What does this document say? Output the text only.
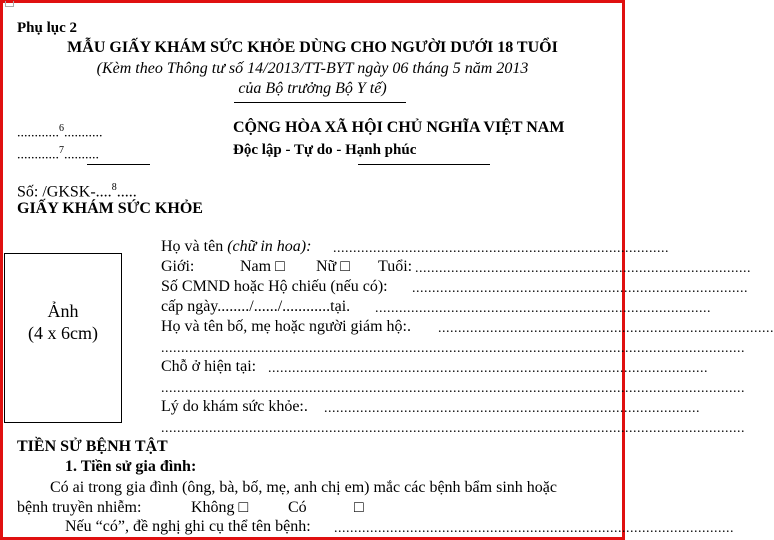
Phụ lục 2
MẪU GIẤY KHÁM SỨC KHỎE DÙNG CHO NGƯỜI DƯỚI 18 TUỔI
(Kèm theo Thông tư số 14/2013/TT-BYT ngày 06 tháng 5 năm 2013
của Bộ trưởng Bộ Y tế)
............$^6$...........
............$^7$..........
CỘNG HÒA XÃ HỘI CHỦ NGHĨA VIỆT NAM
Độc lập - Tự do - Hạnh phúc
Số: /GKSK-....$^8$.....
GIẤY KHÁM SỨC KHỎE
Ảnh
(4 x 6cm)
Họ và tên (chữ in hoa): ....................................................................................
Giới:	Nam □ Nữ □ Tuổi: ....................................................................................
Số CMND hoặc Hộ chiếu (nếu có): ....................................................................................
cấp ngày......../....../............tại. ....................................................................................
Họ và tên bố, mẹ hoặc người giám hộ:. ....................................................................................
..................................................................................................................................................
Chỗ ở hiện tại: ..............................................................................................................
..................................................................................................................................................
Lý do khám sức khỏe:. ..............................................................................................
..................................................................................................................................................
TIỀN SỬ BỆNH TẬT
1. Tiền sử gia đình:
Có ai trong gia đình (ông, bà, bố, mẹ, anh chị em) mắc các bệnh bẩm sinh hoặc
bệnh truyền nhiễm:	Không □ Có	□
Nếu “có”, đề nghị ghi cụ thể tên bệnh: ....................................................................................................
